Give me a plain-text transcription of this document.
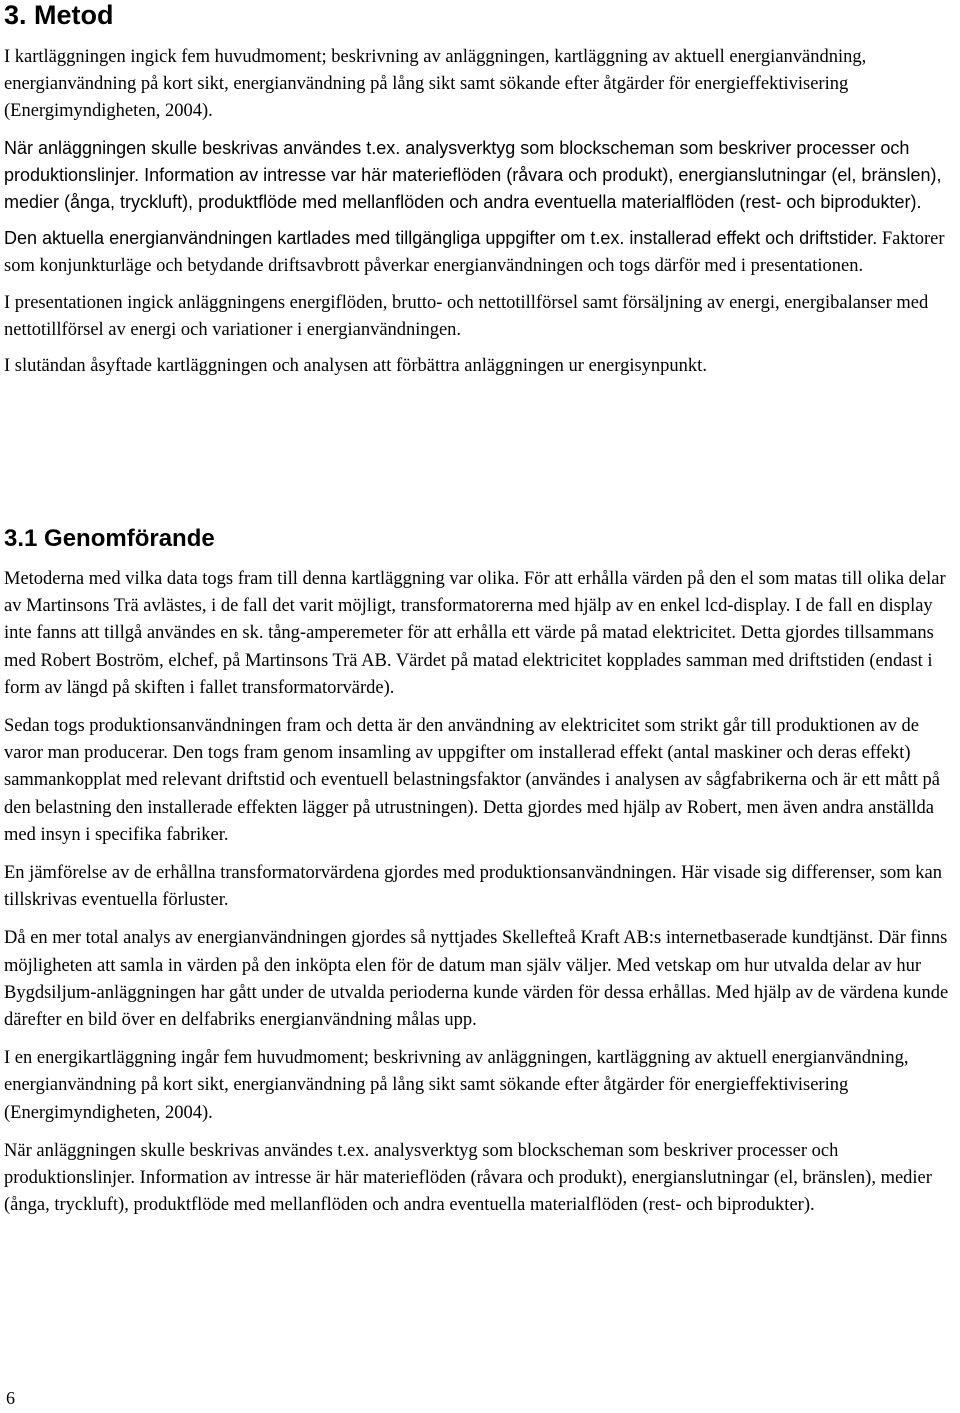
3. Metod

I kartläggningen ingick fem huvudmoment; beskrivning av anläggningen, kartläggning av aktuell energianvändning, energianvändning på kort sikt, energianvändning på lång sikt samt sökande efter åtgärder för energieffektivisering (Energimyndigheten, 2004).

När anläggningen skulle beskrivas användes t.ex. analysverktyg som blockscheman som beskriver processer och produktionslinjer. Information av intresse var här materieflöden (råvara och produkt), energianslutningar (el, bränslen), medier (ånga, tryckluft), produktflöde med mellanflöden och andra eventuella materialflöden (rest- och biprodukter).

Den aktuella energianvändningen kartlades med tillgängliga uppgifter om t.ex. installerad effekt och driftstider. Faktorer som konjunkturläge och betydande driftsavbrott påverkar energianvändningen och togs därför med i presentationen.

I presentationen ingick anläggningens energiflöden, brutto- och nettotillförsel samt försäljning av energi, energibalanser med nettotillförsel av energi och variationer i energianvändningen.

I slutändan åsyftade kartläggningen och analysen att förbättra anläggningen ur energisynpunkt.

3.1 Genomförande

Metoderna med vilka data togs fram till denna kartläggning var olika. För att erhålla värden på den el som matas till olika delar av Martinsons Trä avlästes, i de fall det varit möjligt, transformatorerna med hjälp av en enkel lcd-display. I de fall en display inte fanns att tillgå användes en sk. tång-amperemeter för att erhålla ett värde på matad elektricitet. Detta gjordes tillsammans med Robert Boström, elchef, på Martinsons Trä AB. Värdet på matad elektricitet kopplades samman med driftstiden (endast i form av längd på skiften i fallet transformatorvärde).

Sedan togs produktionsanvändningen fram och detta är den användning av elektricitet som strikt går till produktionen av de varor man producerar. Den togs fram genom insamling av uppgifter om installerad effekt (antal maskiner och deras effekt) sammankopplat med relevant driftstid och eventuell belastningsfaktor (användes i analysen av sågfabrikerna och är ett mått på den belastning den installerade effekten lägger på utrustningen). Detta gjordes med hjälp av Robert, men även andra anställda med insyn i specifika fabriker.

En jämförelse av de erhållna transformatorvärdena gjordes med produktionsanvändningen. Här visade sig differenser, som kan tillskrivas eventuella förluster.

Då en mer total analys av energianvändningen gjordes så nyttjades Skellefteå Kraft AB:s internetbaserade kundtjänst. Där finns möjligheten att samla in värden på den inköpta elen för de datum man själv väljer. Med vetskap om hur utvalda delar av hur Bygdsiljum-anläggningen har gått under de utvalda perioderna kunde värden för dessa erhållas. Med hjälp av de värdena kunde därefter en bild över en delfabriks energianvändning målas upp.

I en energikartläggning ingår fem huvudmoment; beskrivning av anläggningen, kartläggning av aktuell energianvändning, energianvändning på kort sikt, energianvändning på lång sikt samt sökande efter åtgärder för energieffektivisering (Energimyndigheten, 2004).

När anläggningen skulle beskrivas användes t.ex. analysverktyg som blockscheman som beskriver processer och produktionslinjer. Information av intresse är här materieflöden (råvara och produkt), energianslutningar (el, bränslen), medier (ånga, tryckluft), produktflöde med mellanflöden och andra eventuella materialflöden (rest- och biprodukter).

6
